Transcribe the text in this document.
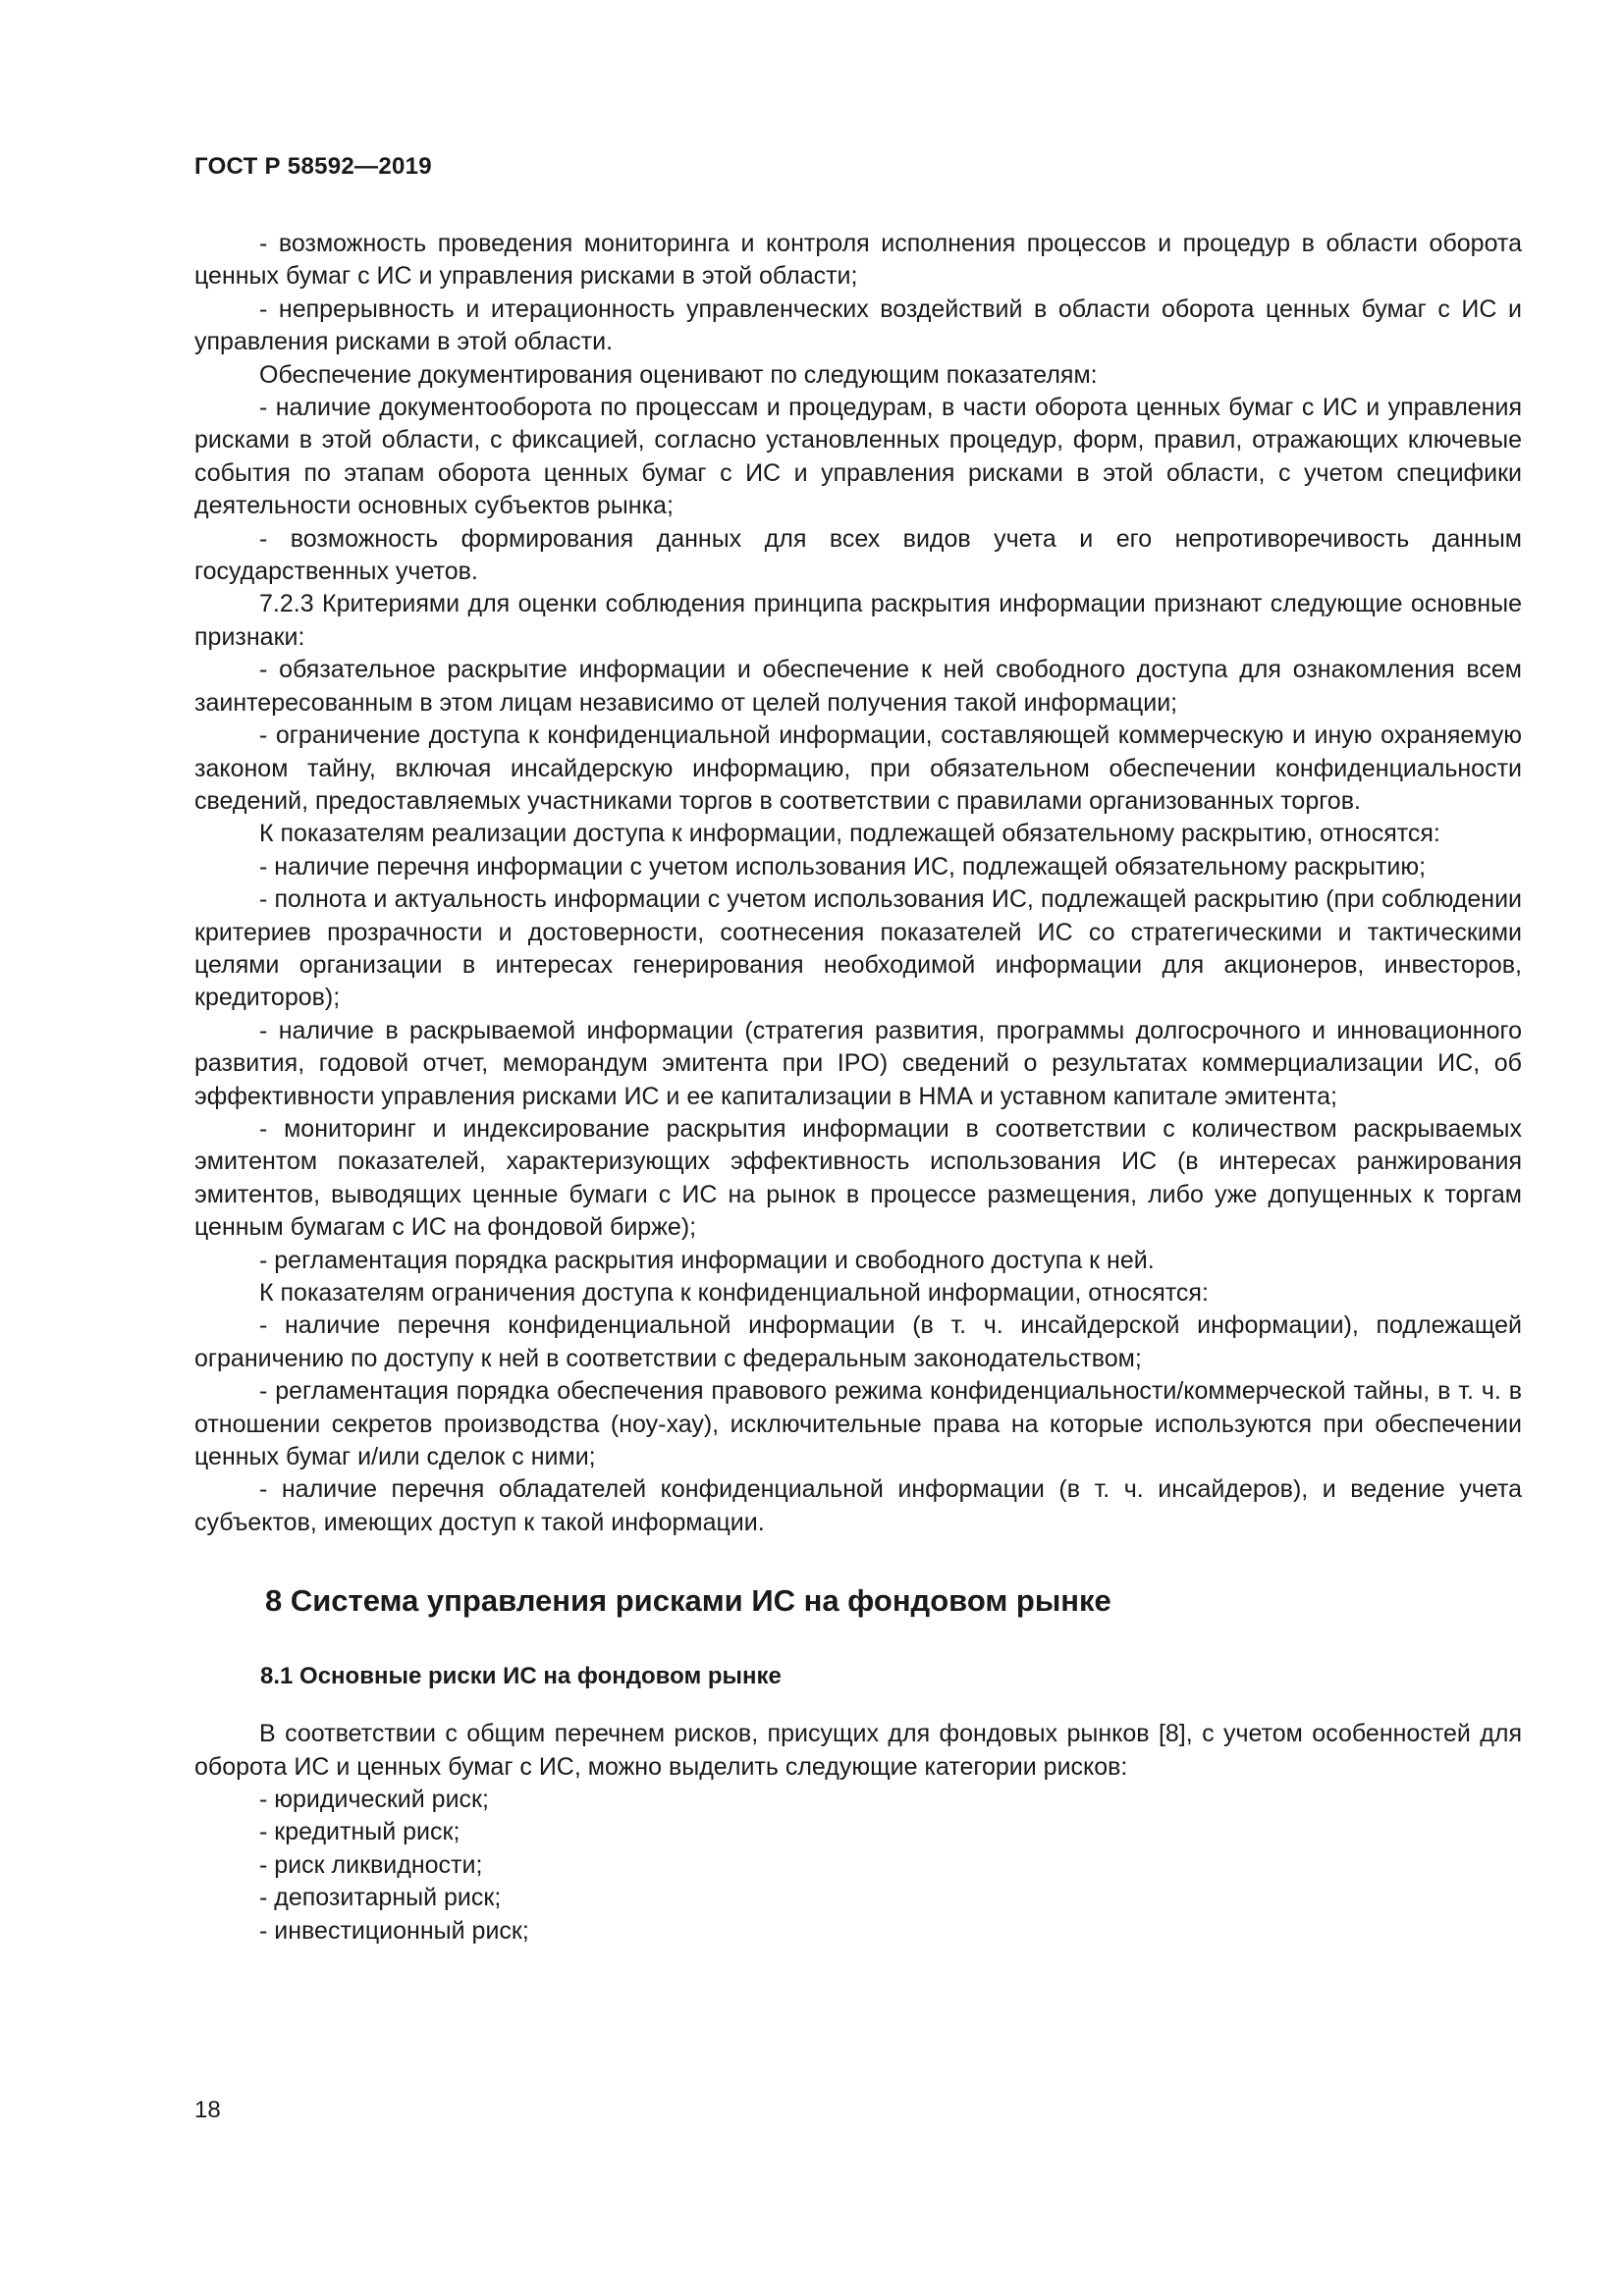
ГОСТ Р 58592—2019

- возможность проведения мониторинга и контроля исполнения процессов и процедур в области оборота ценных бумаг с ИС и управления рисками в этой области;

- непрерывность и итерационность управленческих воздействий в области оборота ценных бумаг с ИС и управления рисками в этой области.

Обеспечение документирования оценивают по следующим показателям:

- наличие документооборота по процессам и процедурам, в части оборота ценных бумаг с ИС и управления рисками в этой области, с фиксацией, согласно установленных процедур, форм, правил, отражающих ключевые события по этапам оборота ценных бумаг с ИС и управления рисками в этой области, с учетом специфики деятельности основных субъектов рынка;

- возможность формирования данных для всех видов учета и его непротиворечивость данным государственных учетов.

7.2.3 Критериями для оценки соблюдения принципа раскрытия информации признают следующие основные признаки:

- обязательное раскрытие информации и обеспечение к ней свободного доступа для ознакомления всем заинтересованным в этом лицам независимо от целей получения такой информации;

- ограничение доступа к конфиденциальной информации, составляющей коммерческую и иную охраняемую законом тайну, включая инсайдерскую информацию, при обязательном обеспечении конфиденциальности сведений, предоставляемых участниками торгов в соответствии с правилами организованных торгов.

К показателям реализации доступа к информации, подлежащей обязательному раскрытию, относятся:

- наличие перечня информации с учетом использования ИС, подлежащей обязательному раскрытию;

- полнота и актуальность информации с учетом использования ИС, подлежащей раскрытию (при соблюдении критериев прозрачности и достоверности, соотнесения показателей ИС со стратегическими и тактическими целями организации в интересах генерирования необходимой информации для акционеров, инвесторов, кредиторов);

- наличие в раскрываемой информации (стратегия развития, программы долгосрочного и инновационного развития, годовой отчет, меморандум эмитента при IPO) сведений о результатах коммерциализации ИС, об эффективности управления рисками ИС и ее капитализации в НМА и уставном капитале эмитента;

- мониторинг и индексирование раскрытия информации в соответствии с количеством раскрываемых эмитентом показателей, характеризующих эффективность использования ИС (в интересах ранжирования эмитентов, выводящих ценные бумаги с ИС на рынок в процессе размещения, либо уже допущенных к торгам ценным бумагам с ИС на фондовой бирже);

- регламентация порядка раскрытия информации и свободного доступа к ней.

К показателям ограничения доступа к конфиденциальной информации, относятся:

- наличие перечня конфиденциальной информации (в т. ч. инсайдерской информации), подлежащей ограничению по доступу к ней в соответствии с федеральным законодательством;

- регламентация порядка обеспечения правового режима конфиденциальности/коммерческой тайны, в т. ч. в отношении секретов производства (ноу-хау), исключительные права на которые используются при обеспечении ценных бумаг и/или сделок с ними;

- наличие перечня обладателей конфиденциальной информации (в т. ч. инсайдеров), и ведение учета субъектов, имеющих доступ к такой информации.

8 Система управления рисками ИС на фондовом рынке
8.1 Основные риски ИС на фондовом рынке

В соответствии с общим перечнем рисков, присущих для фондовых рынков [8], с учетом особенностей для оборота ИС и ценных бумаг с ИС, можно выделить следующие категории рисков:

- юридический риск;

- кредитный риск;

- риск ликвидности;

- депозитарный риск;

- инвестиционный риск;

18
